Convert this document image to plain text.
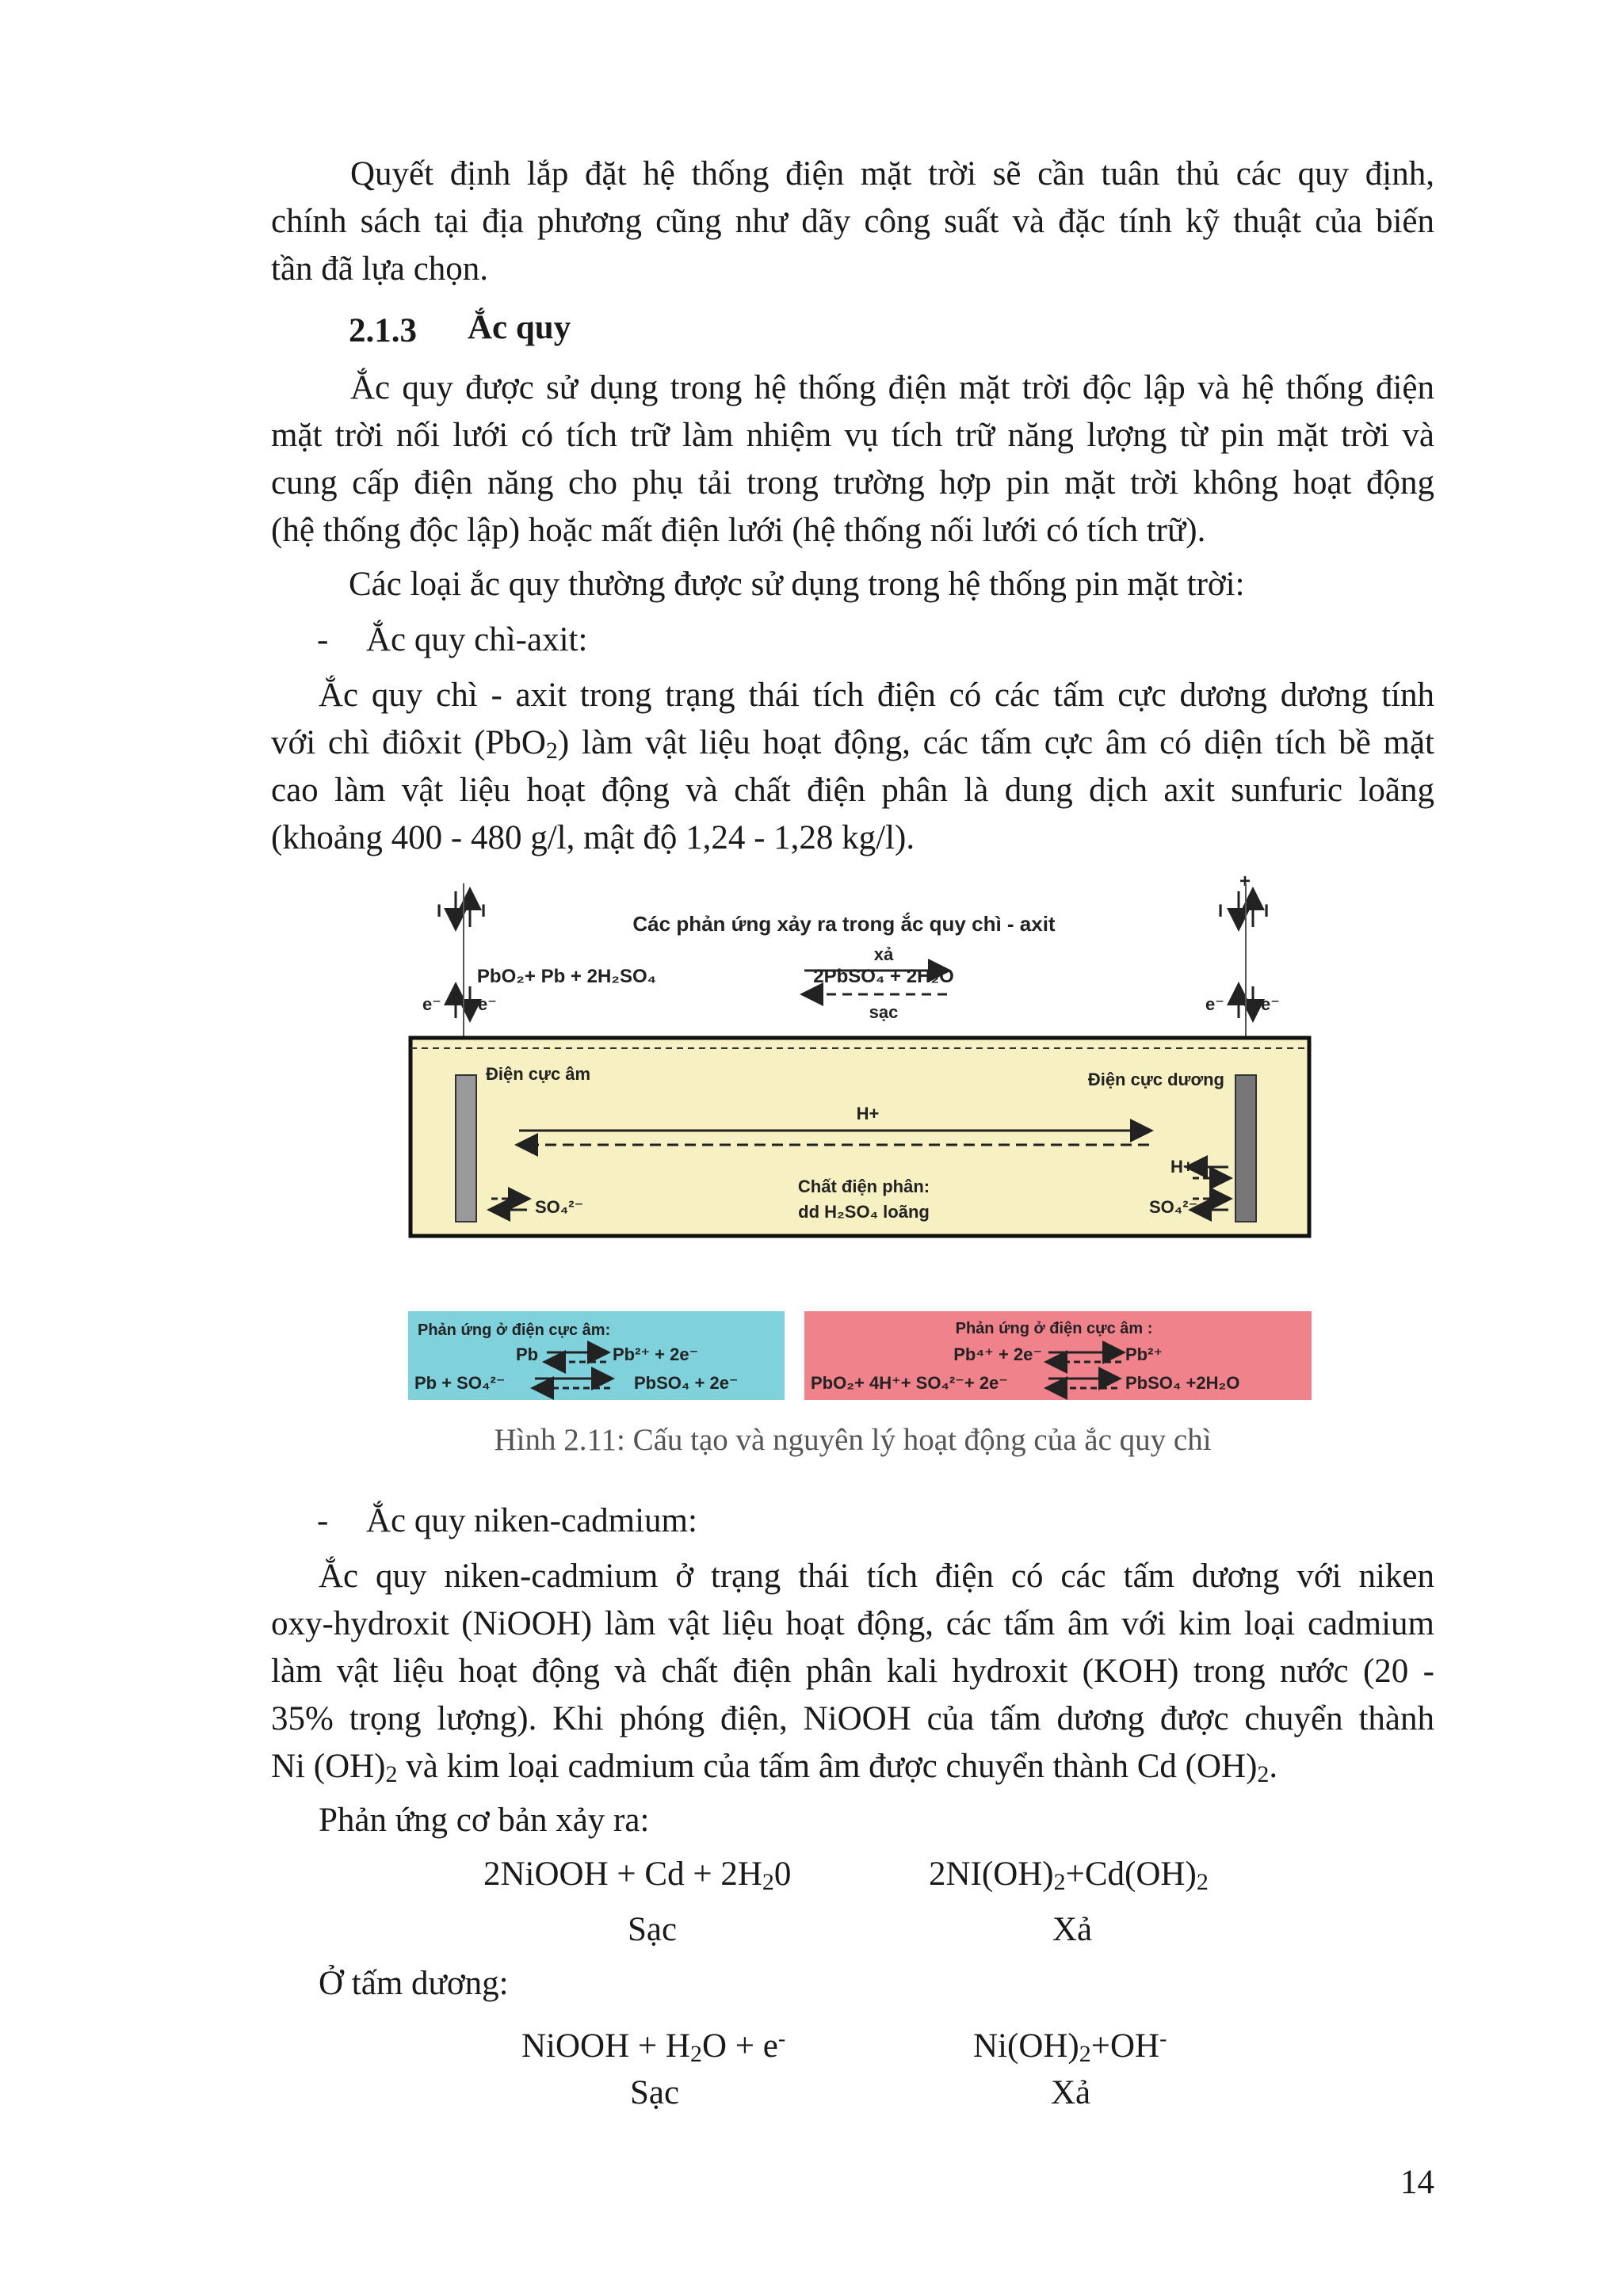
Quyết định lắp đặt hệ thống điện mặt trời sẽ cần tuân thủ các quy định,
chính sách tại địa phương cũng như dãy công suất và đặc tính kỹ thuật của biến
tần đã lựa chọn.
2.1.3	Ắc quy
Ắc quy được sử dụng trong hệ thống điện mặt trời độc lập và hệ thống điện
mặt trời nối lưới có tích trữ làm nhiệm vụ tích trữ năng lượng từ pin mặt trời và
cung cấp điện năng cho phụ tải trong trường hợp pin mặt trời không hoạt động
(hệ thống độc lập) hoặc mất điện lưới (hệ thống nối lưới có tích trữ).
Các loại ắc quy thường được sử dụng trong hệ thống pin mặt trời:
-	Ắc quy chì-axit:
Ắc quy chì - axit trong trạng thái tích điện có các tấm cực dương dương tính
với chì điôxit (PbO$_2$) làm vật liệu hoạt động, các tấm cực âm có diện tích bề mặt
cao làm vật liệu hoạt động và chất điện phân là dung dịch axit sunfuric loãng
(khoảng 400 - 480 g/l, mật độ 1,24 - 1,28 kg/l).
Các phản ứng xảy ra trong ắc quy chì - axit
PbO₂+ Pb + 2H₂SO₄	2PbSO₄ + 2H₂O
xả
sạc
I I
e⁻ e⁻
+
I I
e⁻ e⁻
Điện cực âm	Điện cực dương
H+
H+
SO₄²⁻
Chất điện phân:
dd H₂SO₄ loãng	SO₄²⁻
Phản ứng ở điện cực âm:
Pb	Pb²⁺ + 2e⁻
Pb + SO₄²⁻	PbSO₄ + 2e⁻
Phản ứng ở điện cực âm :
Pb⁴⁺ + 2e⁻	Pb²⁺
PbO₂+ 4H⁺+ SO₄²⁻+ 2e⁻	PbSO₄ +2H₂O
Hình 2.11: Cấu tạo và nguyên lý hoạt động của ắc quy chì
-	Ắc quy niken-cadmium:
Ắc quy niken-cadmium ở trạng thái tích điện có các tấm dương với niken
oxy-hydroxit (NiOOH) làm vật liệu hoạt động, các tấm âm với kim loại cadmium
làm vật liệu hoạt động và chất điện phân kali hydroxit (KOH) trong nước (20 -
35% trọng lượng). Khi phóng điện, NiOOH của tấm dương được chuyển thành
Ni $(OH)_2$ và kim loại cadmium của tấm âm được chuyển thành Cd $(OH)_2$.
Phản ứng cơ bản xảy ra:
2NiOOH + $Cd + 2H_20$	$2NI(OH)_2+Cd(OH)_2$
Sạc	Xả
Ở tấm dương:
NiOOH + $H_2O + e^-$	$Ni(OH)_2+OH^-$
Sạc	Xả
14
